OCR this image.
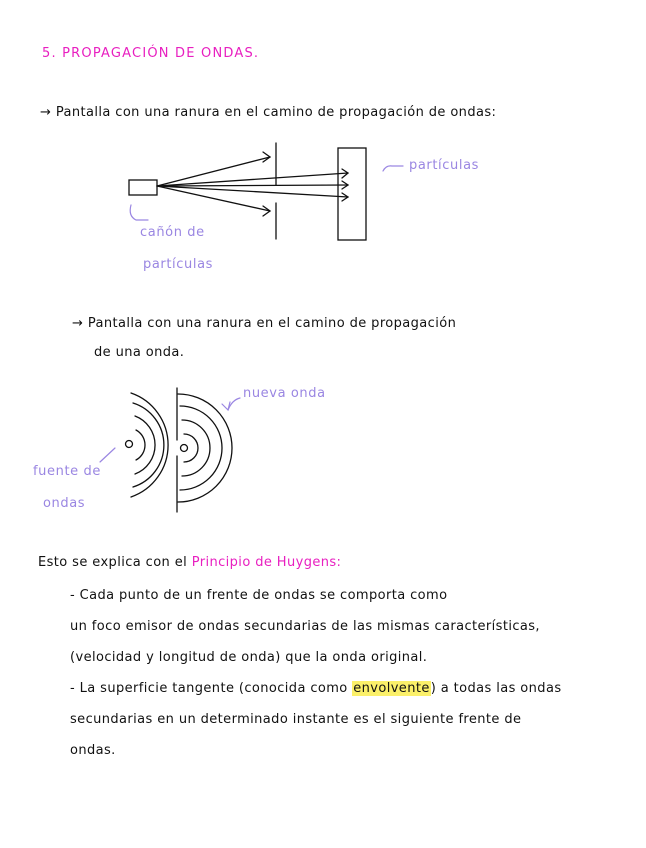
5. PROPAGACIÓN DE ONDAS.

→ Pantalla con una ranura en el camino de propagación de ondas:

partículas

cañón de

partículas

→ Pantalla con una ranura en el camino de propagación

de una onda.

nueva onda

fuente de

ondas

Esto se explica con el Principio de Huygens:

- Cada punto de un frente de ondas se comporta como

un foco emisor de ondas secundarias de las mismas características,

(velocidad y longitud de onda) que la onda original.

- La superficie tangente (conocida como envolvente) a todas las ondas

secundarias en un determinado instante es el siguiente frente de

ondas.
